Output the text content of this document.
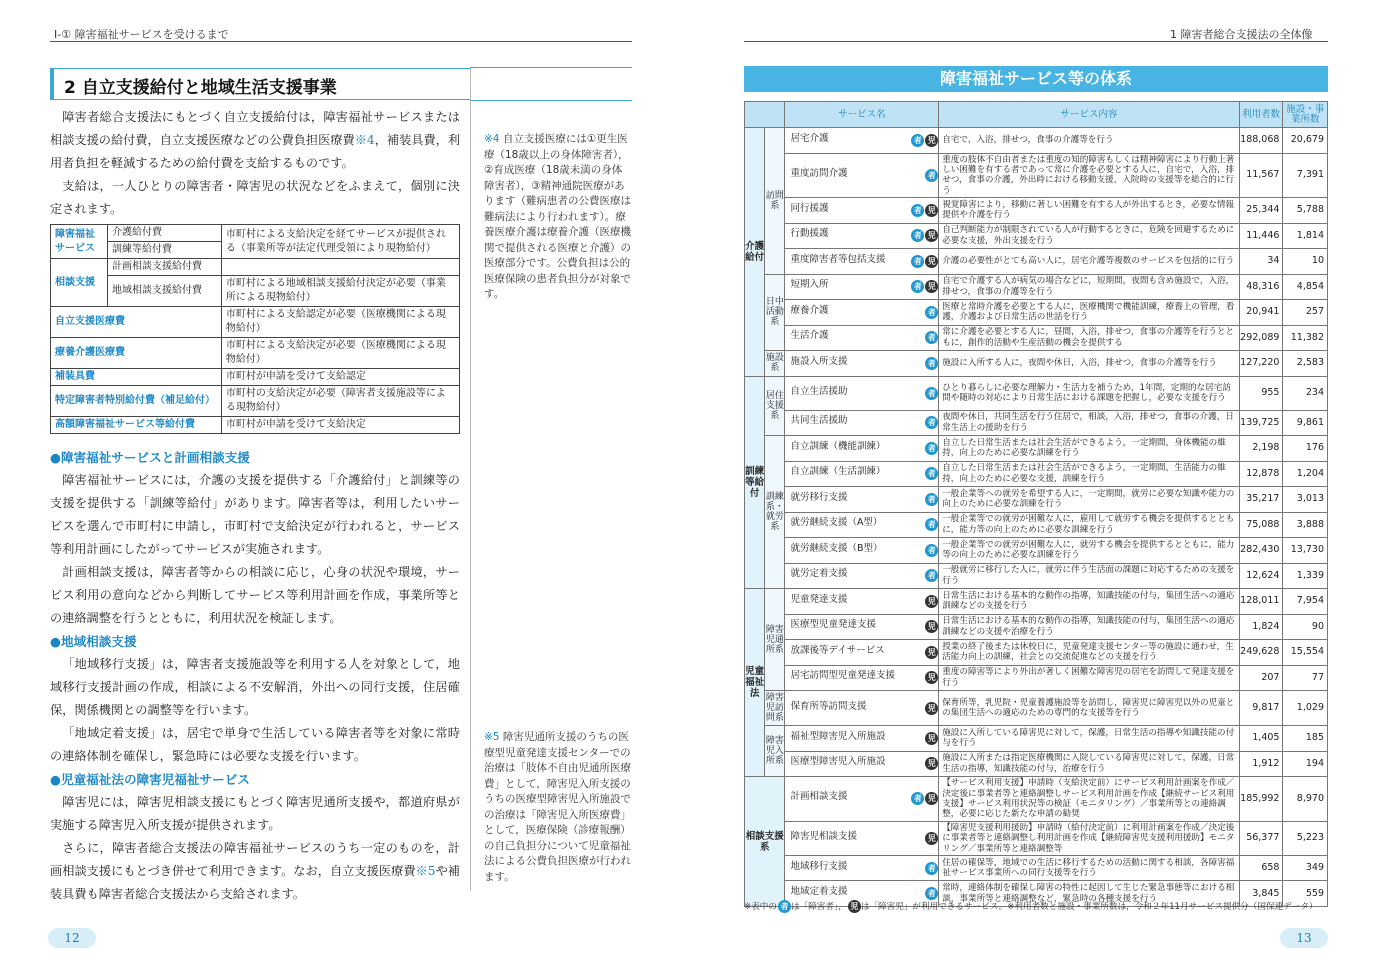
Ⅰ-① 障害福祉サービスを受けるまで
2 自立支援給付と地域生活支援事業

障害者総合支援法にもとづく自立支援給付は，障害福祉サービスまたは相談支援の給付費，自立支援医療などの公費負担医療費※4，補装具費，利用者負担を軽減するための給付費を支給するものです。

支給は，一人ひとりの障害者・障害児の状況などをふまえて，個別に決定されます。

障害福祉サービス	介護給付費	市町村による支給決定を経てサービスが提供される（事業所等が法定代理受領により現物給付）
	訓練等給付費	
相談支援	計画相談支援給付費	
	地域相談支援給付費	市町村による地域相談支援給付決定が必要（事業所による現物給付）
自立支援医療費		市町村による支給認定が必要（医療機関による現物給付）
療養介護医療費		市町村による支給決定が必要（医療機関による現物給付）
補装具費		市町村が申請を受けて支給認定
特定障害者特別給付費（補足給付）		市町村の支給決定が必要（障害者支援施設等による現物給付）
高額障害福祉サービス等給付費		市町村が申請を受けて支給決定
●障害福祉サービスと計画相談支援

障害福祉サービスには，介護の支援を提供する「介護給付」と訓練等の支援を提供する「訓練等給付」があります。障害者等は，利用したいサービスを選んで市町村に申請し，市町村で支給決定が行われると，サービス等利用計画にしたがってサービスが実施されます。

計画相談支援は，障害者等からの相談に応じ，心身の状況や環境，サービス利用の意向などから判断してサービス等利用計画を作成，事業所等との連絡調整を行うとともに，利用状況を検証します。

●地域相談支援

「地域移行支援」は，障害者支援施設等を利用する人を対象として，地域移行支援計画の作成，相談による不安解消，外出への同行支援，住居確保，関係機関との調整等を行います。

「地域定着支援」は，居宅で単身で生活している障害者等を対象に常時の連絡体制を確保し，緊急時には必要な支援を行います。

●児童福祉法の障害児福祉サービス

障害児には，障害児相談支援にもとづく障害児通所支援や，都道府県が実施する障害児入所支援が提供されます。

さらに，障害者総合支援法の障害福祉サービスのうち一定のものを，計画相談支援にもとづき併せて利用できます。なお，自立支援医療費※5や補装具費も障害者総合支援法から支給されます。

※4 自立支援医療には①更生医療（18歳以上の身体障害者），②育成医療（18歳未満の身体障害者），③精神通院医療があります（難病患者の公費医療は難病法により行われます）。療養医療介護は療養介護（医療機関で提供される医療と介護）の医療部分です。公費負担は公的医療保険の患者負担分が対象です。
※5 障害児通所支援のうちの医療型児童発達支援センターでの治療は「肢体不自由児通所医療費」として，障害児入所支援のうちの医療型障害児入所施設での治療は「障害児入所医療費」として，医療保険（診療報酬）の自己負担分について児童福祉法による公費負担医療が行われます。
12
1 障害者総合支援法の全体像
障害福祉サービス等の体系
		サービス名	サービス内容	利用者数	施設・事業所数
介護給付	訪問系	居宅介護 者 児	自宅で，入浴，排せつ，食事の介護等を行う	188,068	20,679
		重度訪問介護 者	重度の肢体不自由者または重度の知的障害もしくは精神障害により行動上著しい困難を有する者であって常に介護を必要とする人に，自宅で，入浴，排せつ，食事の介護，外出時における移動支援，入院時の支援等を総合的に行う	11,567	7,391
		同行援護 者 児	視覚障害により，移動に著しい困難を有する人が外出するとき，必要な情報提供や介護を行う	25,344	5,788
		行動援護 者 児	自己判断能力が制限されている人が行動するときに，危険を回避するために必要な支援，外出支援を行う	11,446	1,814
		重度障害者等包括支援 者 児	介護の必要性がとても高い人に，居宅介護等複数のサービスを包括的に行う	34	10
	日中活動系	短期入所 者 児	自宅で介護する人が病気の場合などに，短期間，夜間も含め施設で，入浴，排せつ，食事の介護等を行う	48,316	4,854
		療養介護 者	医療と常時介護を必要とする人に，医療機関で機能訓練，療養上の管理，看護，介護および日常生活の世話を行う	20,941	257
		生活介護 者	常に介護を必要とする人に，昼間，入浴，排せつ，食事の介護等を行うとともに，創作的活動や生産活動の機会を提供する	292,089	11,382
	施設系	施設入所支援 者	施設に入所する人に，夜間や休日，入浴，排せつ，食事の介護等を行う	127,220	2,583
訓練等給付	居住支援系	自立生活援助 者	ひとり暮らしに必要な理解力・生活力を補うため，1年間，定期的な居宅訪問や随時の対応により日常生活における課題を把握し，必要な支援を行う	955	234
		共同生活援助 者	夜間や休日，共同生活を行う住居で，相談，入浴，排せつ，食事の介護，日常生活上の援助を行う	139,725	9,861
	訓練系・就労系	自立訓練（機能訓練） 者	自立した日常生活または社会生活ができるよう，一定期間，身体機能の維持，向上のために必要な訓練を行う	2,198	176
		自立訓練（生活訓練） 者	自立した日常生活または社会生活ができるよう，一定期間，生活能力の維持，向上のために必要な支援，訓練を行う	12,878	1,204
		就労移行支援 者	一般企業等への就労を希望する人に，一定期間，就労に必要な知識や能力の向上のために必要な訓練を行う	35,217	3,013
		就労継続支援（A型） 者	一般企業等での就労が困難な人に，雇用して就労する機会を提供するとともに，能力等の向上のために必要な訓練を行う	75,088	3,888
		就労継続支援（B型） 者	一般企業等での就労が困難な人に，就労する機会を提供するとともに，能力等の向上のために必要な訓練を行う	282,430	13,730
		就労定着支援 者	一般就労に移行した人に，就労に伴う生活面の課題に対応するための支援を行う	12,624	1,339
児童福祉法	障害児通所系	児童発達支援 児	日常生活における基本的な動作の指導，知識技能の付与，集団生活への適応訓練などの支援を行う	128,011	7,954
		医療型児童発達支援 児	日常生活における基本的な動作の指導，知識技能の付与，集団生活への適応訓練などの支援や治療を行う	1,824	90
		放課後等デイサービス 児	授業の終了後または休校日に，児童発達支援センター等の施設に通わせ，生活能力向上の訓練，社会との交流促進などの支援を行う	249,628	15,554
		居宅訪問型児童発達支援 児	重度の障害等により外出が著しく困難な障害児の居宅を訪問して発達支援を行う	207	77
	障害児訪問系	保育所等訪問支援 児	保育所等，乳児院・児童養護施設等を訪問し，障害児に障害児以外の児童との集団生活への適応のための専門的な支援等を行う	9,817	1,029
	障害児入所系	福祉型障害児入所施設 児	施設に入所している障害児に対して，保護，日常生活の指導や知識技能の付与を行う	1,405	185
		医療型障害児入所施設 児	施設に入所または指定医療機関に入院している障害児に対して，保護，日常生活の指導，知識技能の付与，治療を行う	1,912	194
相談支援系		計画相談支援 者 児	【サービス利用支援】申請時（支給決定前）にサービス利用計画案を作成／決定後に事業者等と連絡調整しサービス利用計画を作成【継続サービス利用支援】サービス利用状況等の検証（モニタリング）／事業所等との連絡調整，必要に応じた新たな申請の勧奨	185,992	8,970
		障害児相談支援 児	【障害児支援利用援助】申請時（給付決定前）に利用計画案を作成／決定後に事業者等と連絡調整し利用計画を作成【継続障害児支援利用援助】モニタリング／事業所等と連絡調整等	56,377	5,223
		地域移行支援 者	住居の確保等，地域での生活に移行するための活動に関する相談，各障害福祉サービス事業所への同行支援等を行う	658	349
		地域定着支援 者	常時，連絡体制を確保し障害の特性に起因して生じた緊急事態等における相談，事業所等と連絡調整など，緊急時の各種支援を行う	3,845	559
※表中の 者 は「障害者」， 児 は「障害児」が利用できるサービス。※利用者数と施設・事業所数は，令和２年11月サービス提供分（国保連データ）
13
